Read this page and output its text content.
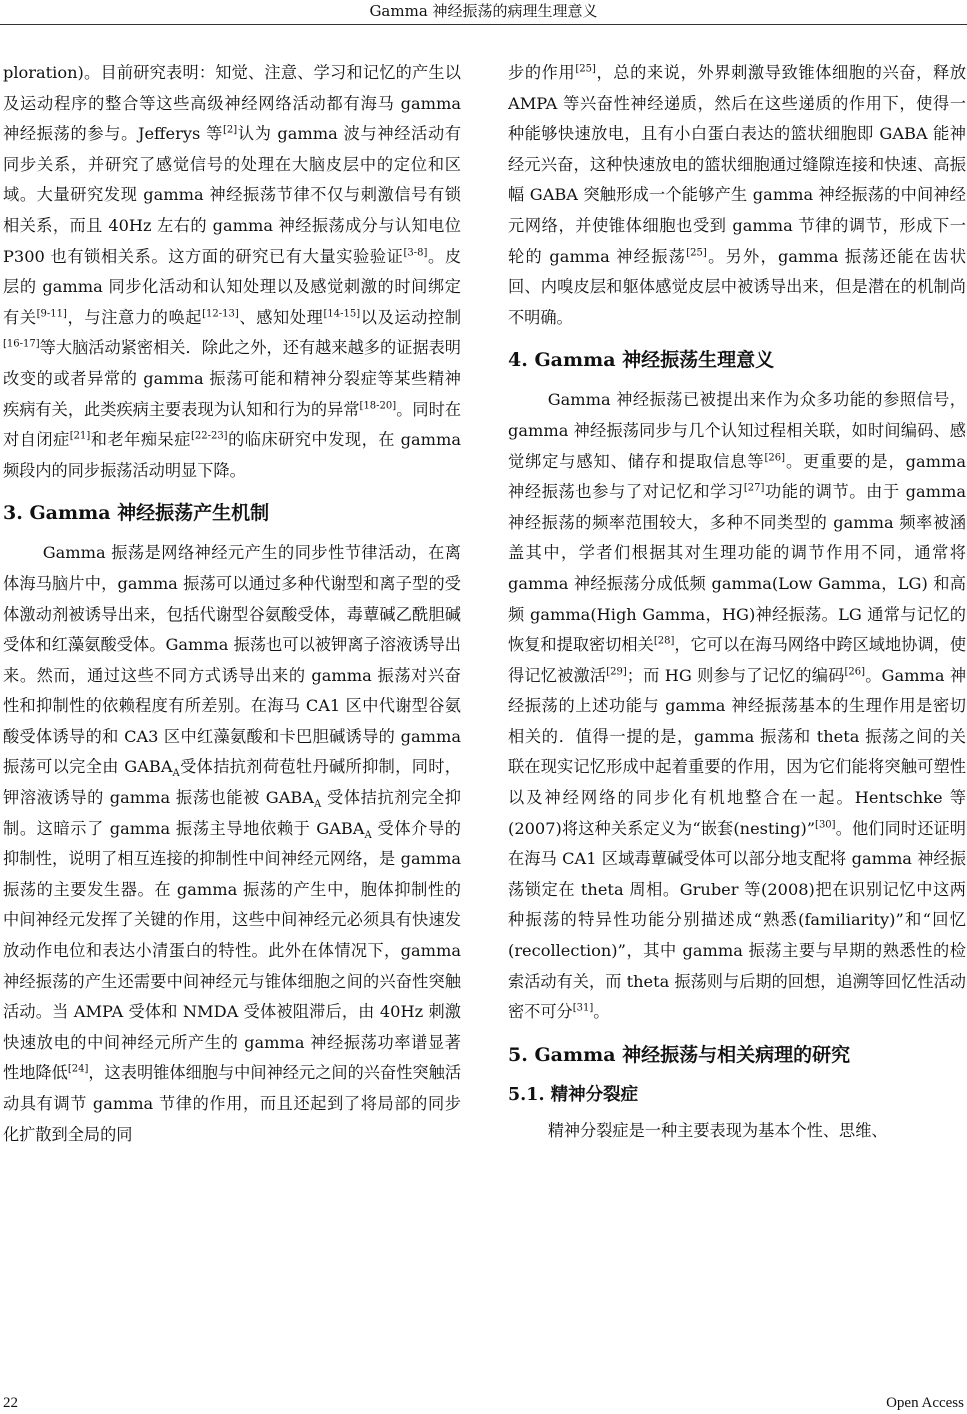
Gamma 神经振荡的病理生理意义

ploration)。目前研究表明：知觉、注意、学习和记忆的产生以及运动程序的整合等这些高级神经网络活动都有海马 gamma 神经振荡的参与。Jefferys 等[2]认为 gamma 波与神经活动有同步关系，并研究了感觉信号的处理在大脑皮层中的定位和区域。大量研究发现 gamma 神经振荡节律不仅与刺激信号有锁相关系，而且 40Hz 左右的 gamma 神经振荡成分与认知电位 P300 也有锁相关系。这方面的研究已有大量实验验证[3-8]。皮层的 gamma 同步化活动和认知处理以及感觉刺激的时间绑定有关[9-11]，与注意力的唤起[12-13]、感知处理[14-15]以及运动控制[16-17]等大脑活动紧密相关．除此之外，还有越来越多的证据表明改变的或者异常的 gamma 振荡可能和精神分裂症等某些精神疾病有关，此类疾病主要表现为认知和行为的异常[18-20]。同时在对自闭症[21]和老年痴呆症[22-23]的临床研究中发现，在 gamma 频段内的同步振荡活动明显下降。

3. Gamma 神经振荡产生机制

Gamma 振荡是网络神经元产生的同步性节律活动，在离体海马脑片中，gamma 振荡可以通过多种代谢型和离子型的受体激动剂被诱导出来，包括代谢型谷氨酸受体，毒蕈碱乙酰胆碱受体和红藻氨酸受体。Gamma 振荡也可以被钾离子溶液诱导出来。然而，通过这些不同方式诱导出来的 gamma 振荡对兴奋性和抑制性的依赖程度有所差别。在海马 CA1 区中代谢型谷氨酸受体诱导的和 CA3 区中红藻氨酸和卡巴胆碱诱导的 gamma 振荡可以完全由 $GABA_A$受体拮抗剂荷苞牡丹碱所抑制，同时，钾溶液诱导的 gamma 振荡也能被 $GABA_A$ 受体拮抗剂完全抑制。这暗示了 gamma 振荡主导地依赖于 $GABA_A$ 受体介导的抑制性，说明了相互连接的抑制性中间神经元网络，是 gamma 振荡的主要发生器。在 gamma 振荡的产生中，胞体抑制性的中间神经元发挥了关键的作用，这些中间神经元必须具有快速发放动作电位和表达小清蛋白的特性。此外在体情况下，gamma 神经振荡的产生还需要中间神经元与锥体细胞之间的兴奋性突触活动。当 AMPA 受体和 NMDA 受体被阻滞后，由 40Hz 刺激快速放电的中间神经元所产生的 gamma 神经振荡功率谱显著性地降低[24]，这表明锥体细胞与中间神经元之间的兴奋性突触活动具有调节 gamma 节律的作用，而且还起到了将局部的同步化扩散到全局的同

步的作用[25]，总的来说，外界刺激导致锥体细胞的兴奋，释放 AMPA 等兴奋性神经递质，然后在这些递质的作用下，使得一种能够快速放电，且有小白蛋白表达的篮状细胞即 GABA 能神经元兴奋，这种快速放电的篮状细胞通过缝隙连接和快速、高振幅 GABA 突触形成一个能够产生 gamma 神经振荡的中间神经元网络，并使锥体细胞也受到 gamma 节律的调节，形成下一轮的 gamma 神经振荡[25]。另外，gamma 振荡还能在齿状回、内嗅皮层和躯体感觉皮层中被诱导出来，但是潜在的机制尚不明确。

4. Gamma 神经振荡生理意义

Gamma 神经振荡已被提出来作为众多功能的参照信号，gamma 神经振荡同步与几个认知过程相关联，如时间编码、感觉绑定与感知、储存和提取信息等[26]。更重要的是，gamma 神经振荡也参与了对记忆和学习[27]功能的调节。由于 gamma 神经振荡的频率范围较大，多种不同类型的 gamma 频率被涵盖其中，学者们根据其对生理功能的调节作用不同，通常将 gamma 神经振荡分成低频 gamma(Low Gamma，LG) 和高频 gamma(High Gamma，HG)神经振荡。LG 通常与记忆的恢复和提取密切相关[28]，它可以在海马网络中跨区域地协调，使得记忆被激活[29]；而 HG 则参与了记忆的编码[26]。Gamma 神经振荡的上述功能与 gamma 神经振荡基本的生理作用是密切相关的．值得一提的是，gamma 振荡和 theta 振荡之间的关联在现实记忆形成中起着重要的作用，因为它们能将突触可塑性以及神经网络的同步化有机地整合在一起。Hentschke 等(2007)将这种关系定义为“嵌套(nesting)”[30]。他们同时还证明在海马 CA1 区域毒蕈碱受体可以部分地支配将 gamma 神经振荡锁定在 theta 周相。Gruber 等(2008)把在识别记忆中这两种振荡的特异性功能分别描述成“熟悉(familiarity)”和“回忆(recollection)”，其中 gamma 振荡主要与早期的熟悉性的检索活动有关，而 theta 振荡则与后期的回想，追溯等回忆性活动密不可分[31]。

5. Gamma 神经振荡与相关病理的研究
5.1. 精神分裂症

精神分裂症是一种主要表现为基本个性、思维、

22	Open Access
